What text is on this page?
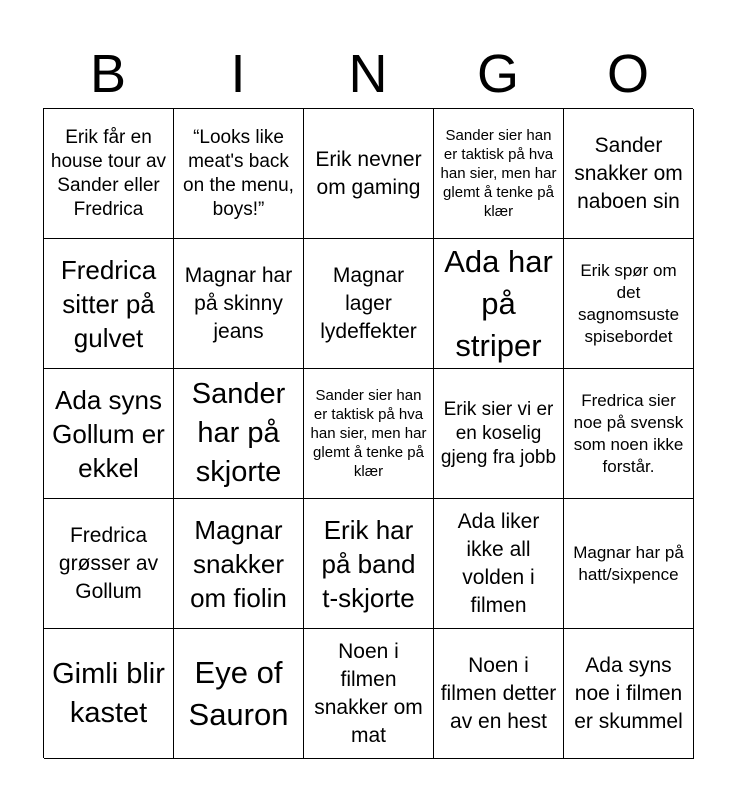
B	I	N	G	O
Erik får en house tour av Sander eller Fredrica
“Looks like meat's back on the menu, boys!”
Erik nevner om gaming
Sander sier han er taktisk på hva han sier, men har glemt å tenke på klær
Sander snakker om naboen sin
Fredrica sitter på gulvet
Magnar har på skinny jeans
Magnar lager lydeffekter
Ada har på striper
Erik spør om det sagnomsuste spisebordet
Ada syns Gollum er ekkel
Sander har på skjorte
Sander sier han er taktisk på hva han sier, men har glemt å tenke på klær
Erik sier vi er en koselig gjeng fra jobb
Fredrica sier noe på svensk som noen ikke forstår.
Fredrica grøsser av Gollum
Magnar snakker om fiolin
Erik har på band t-skjorte
Ada liker ikke all volden i filmen
Magnar har på hatt/sixpence
Gimli blir kastet
Eye of Sauron
Noen i filmen snakker om mat
Noen i filmen detter av en hest
Ada syns noe i filmen er skummel
